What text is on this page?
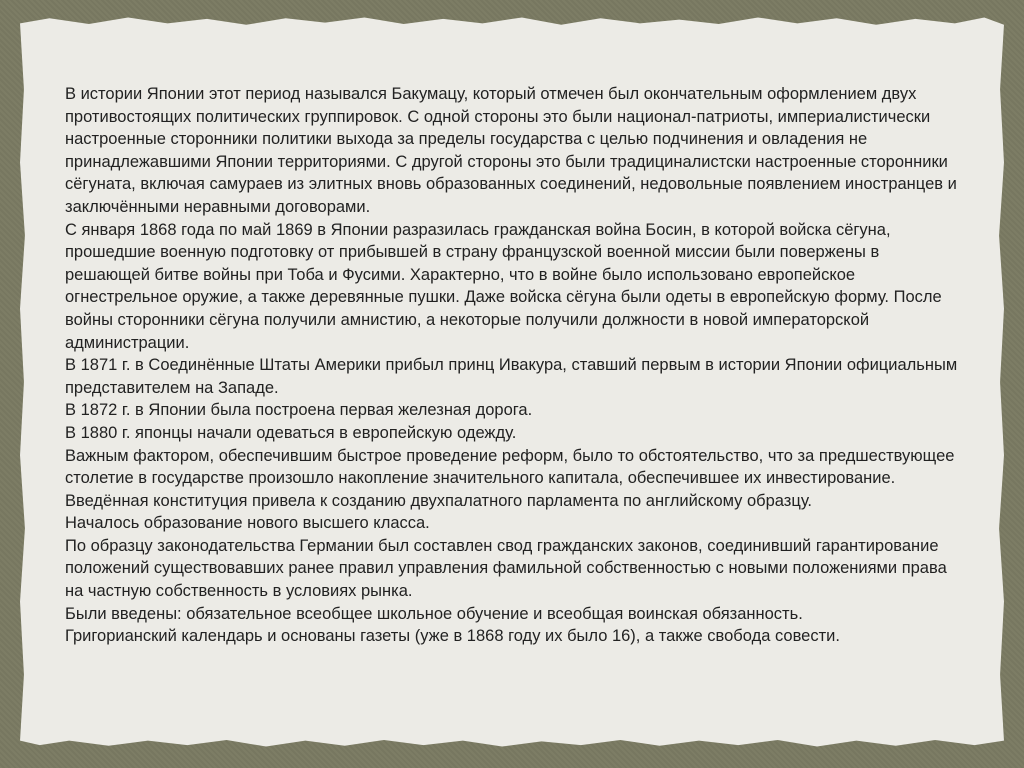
В истории Японии этот период назывался Бакумацу, который отмечен был окончательным оформлением двух противостоящих политических группировок. С одной стороны это были национал-патриоты, империалистически настроенные сторонники политики выхода за пределы государства с целью подчинения и овладения не принадлежавшими Японии территориями. С другой стороны это были традициналистски настроенные сторонники сёгуната, включая самураев из элитных вновь образованных соединений, недовольные появлением иностранцев и заключёнными неравными договорами.

С января 1868 года по май 1869 в Японии разразилась гражданская война Босин, в которой войска сёгуна, прошедшие военную подготовку от прибывшей в страну французской военной миссии были повержены в решающей битве войны при Тоба и Фусими. Характерно, что в войне было использовано европейское огнестрельное оружие, а также деревянные пушки. Даже войска сёгуна были одеты в европейскую форму. После войны сторонники сёгуна получили амнистию, а некоторые получили должности в новой императорской администрации.

В 1871 г. в Соединённые Штаты Америки прибыл принц Ивакура, ставший первым в истории Японии официальным представителем на Западе.

В 1872 г. в Японии была построена первая железная дорога.

В 1880 г. японцы начали одеваться в европейскую одежду.

Важным фактором, обеспечившим быстрое проведение реформ, было то обстоятельство, что за предшествующее столетие в государстве произошло накопление значительного капитала, обеспечившее их инвестирование.

Введённая конституция привела к созданию двухпалатного парламента по английскому образцу.

Началось образование нового высшего класса.

По образцу законодательства Германии был составлен свод гражданских законов, соединивший гарантирование положений существовавших ранее правил управления фамильной собственностью с новыми положениями права на частную собственность в условиях рынка.

Были введены: обязательное всеобщее школьное обучение и всеобщая воинская обязанность.

Григорианский календарь и основаны газеты (уже в 1868 году их было 16), а также свобода совести.
